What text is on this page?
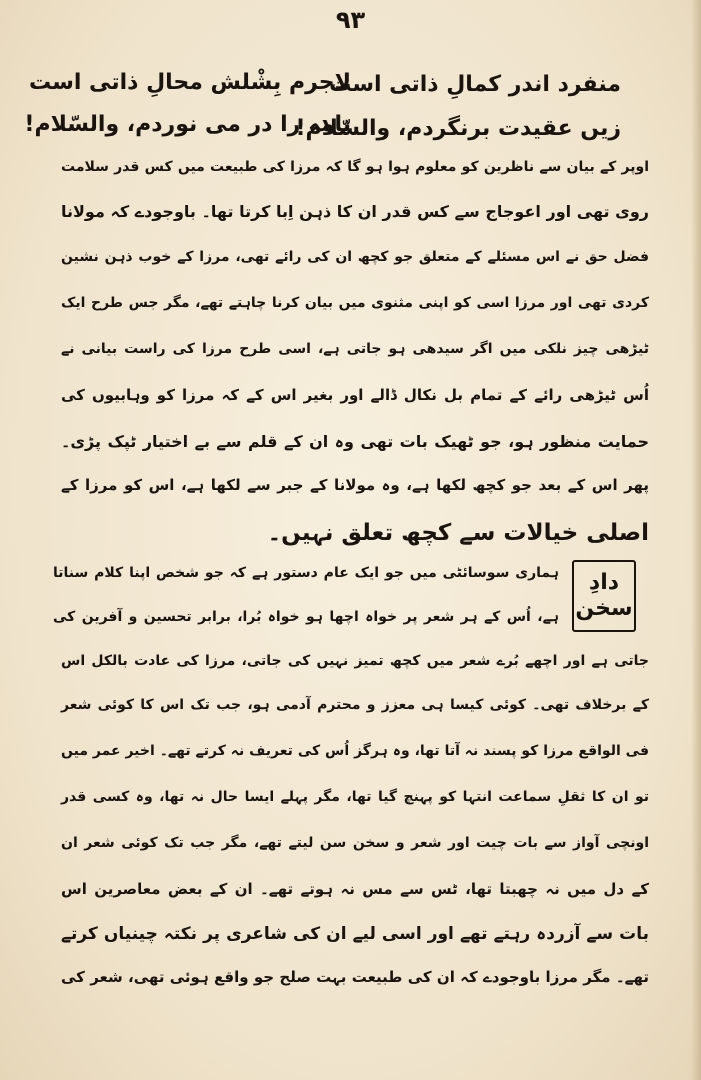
۹۳
منفرد اندر کمالِ ذاتی است
لاجرم بِشْلش محالِ ذاتی است
زیں عقیدت برنگردم، والسّلام!
نامہ را در می نوردم، والسّلام!
اوپر کے بیان سے ناظرین کو معلوم ہوا ہو گا کہ مرزا کی طبیعت میں کس قدر سلامت
روی تھی اور اعوجاج سے کس قدر ان کا ذہن اِبا کرتا تھا۔ باوجودے کہ مولانا
فضل حق نے اس مسئلے کے متعلق جو کچھ ان کی رائے تھی، مرزا کے خوب ذہن نشین
کردی تھی اور مرزا اسی کو اپنی مثنوی میں بیان کرنا چاہتے تھے، مگر جس طرح ایک
ٹیڑھی چیز نلکی میں اگر سیدھی ہو جاتی ہے، اسی طرح مرزا کی راست بیانی نے
اُس ٹیڑھی رائے کے تمام بل نکال ڈالے اور بغیر اس کے کہ مرزا کو وہابیوں کی
حمایت منظور ہو، جو ٹھیک بات تھی وہ ان کے قلم سے بے اختیار ٹپک پڑی۔
پھر اس کے بعد جو کچھ لکھا ہے، وہ مولانا کے جبر سے لکھا ہے، اس کو مرزا کے
اصلی خیالات سے کچھ تعلق نہیں۔
ہماری سوسائٹی میں جو ایک عام دستور ہے کہ جو شخص اپنا کلام سناتا
ہے، اُس کے ہر شعر پر خواہ اچھا ہو خواہ بُرا، برابر تحسین و آفرین کی
جاتی ہے اور اچھے بُرے شعر میں کچھ تمیز نہیں کی جاتی، مرزا کی عادت بالکل اس
کے برخلاف تھی۔ کوئی کیسا ہی معزز و محترم آدمی ہو، جب تک اس کا کوئی شعر
فی الواقع مرزا کو پسند نہ آتا تھا، وہ ہرگز اُس کی تعریف نہ کرتے تھے۔ اخیر عمر میں
تو ان کا ثقلِ سماعت انتہا کو پہنچ گیا تھا، مگر پہلے ایسا حال نہ تھا، وہ کسی قدر
اونچی آواز سے بات چیت اور شعر و سخن سن لیتے تھے، مگر جب تک کوئی شعر ان
کے دل میں نہ چھبتا تھا، ٹس سے مس نہ ہوتے تھے۔ ان کے بعض معاصرین اس
بات سے آزردہ رہتے تھے اور اسی لیے ان کی شاعری پر نکتہ چینیاں کرتے
تھے۔ مگر مرزا باوجودے کہ ان کی طبیعت بہت صلح جو واقع ہوئی تھی، شعر کی
دادِ سخن
